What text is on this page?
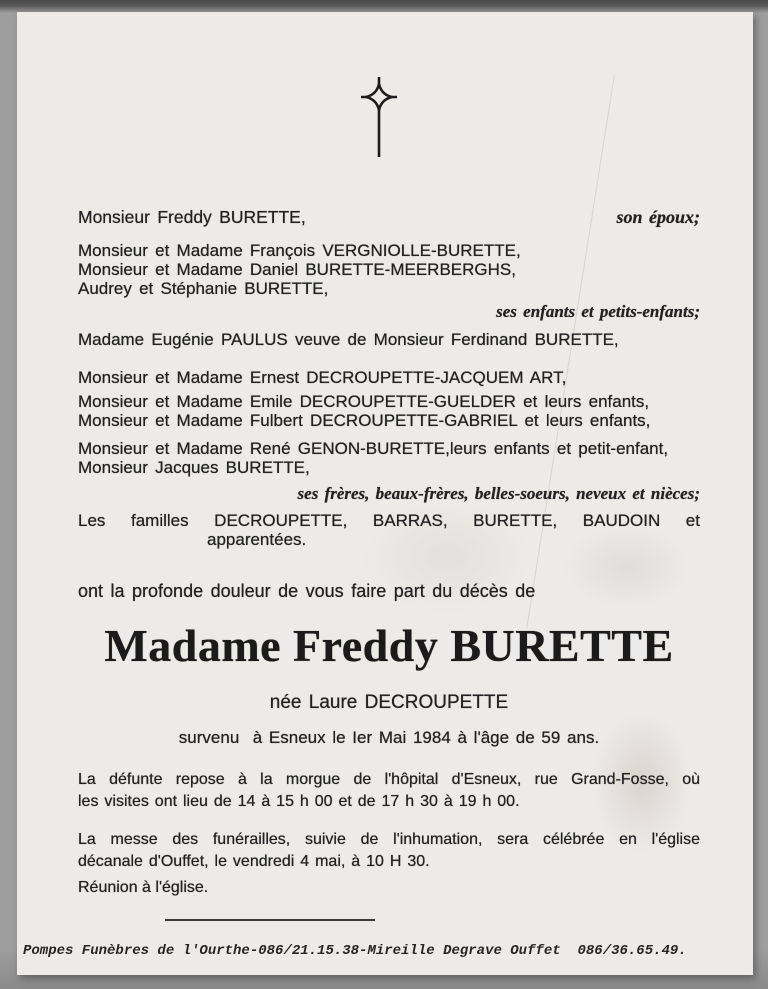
Monsieur Freddy BURETTE,	son époux;
Monsieur et Madame François VERGNIOLLE-BURETTE,
Monsieur et Madame Daniel BURETTE-MEERBERGHS,
Audrey et Stéphanie BURETTE,
ses enfants et petits-enfants;
Madame Eugénie PAULUS veuve de Monsieur Ferdinand BURETTE,
Monsieur et Madame Ernest DECROUPETTE-JACQUEM ART,
Monsieur et Madame Emile DECROUPETTE-GUELDER et leurs enfants,
Monsieur et Madame Fulbert DECROUPETTE-GABRIEL et leurs enfants,
Monsieur et Madame René GENON-BURETTE,leurs enfants et petit-enfant,
Monsieur Jacques BURETTE,
ses frères, beaux-frères, belles-soeurs, neveux et nièces;
Les familles DECROUPETTE, BARRAS, BURETTE, BAUDOIN et
apparentées.
ont la profonde douleur de vous faire part du décès de
Madame Freddy BURETTE
née Laure DECROUPETTE
survenu  à Esneux le Ier Mai 1984 à l'âge de 59 ans.
La défunte repose à la morgue de l'hôpital d'Esneux, rue Grand-Fosse, où
les visites ont lieu de 14 à 15 h 00 et de 17 h 30 à 19 h 00.
La messe des funérailles, suivie de l'inhumation, sera célébrée en l'église
décanale d'Ouffet, le vendredi 4 mai, à 10 H 30.
Réunion à l'église.
Pompes Funèbres de l'Ourthe-086/21.15.38-Mireille Degrave Ouffet  086/36.65.49.
